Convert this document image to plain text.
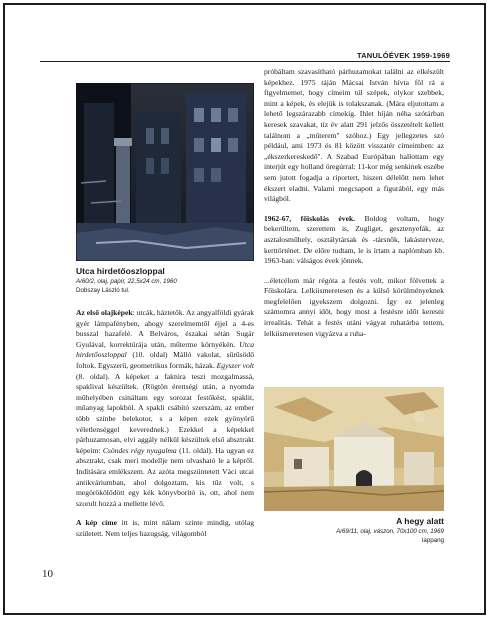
TANULÓÉVEK 1959-1969

Utca hirdetőoszloppal

A/60/2, olaj, papír, 22,5x24 cm, 1960

Dobszay László tul.

Az első olajképek: utcák, háztetők. Az angyalföldi gyárak gyér lámpafényben, ahogy szerelmemtől éjjel a 4-es busszal hazafelé. A Belváros, északai sétán Sugár Gyulával, korrektúrája után, műterme környékén. Utca hirdetőoszloppal (10. oldal) Málló vakolat, sűrűsödő foltok. Egyszerű, geometrikus formák, házak. Egyszer volt (8. oldal). A képeket a faktúra teszi mozgalmassá, spaklival készültek. (Rögtön érettségi után, a nyomda műhelyében csináltam egy sorozat festőkést, spaklit, műanyag lapokból. A spakli csábító szerszám, az ember több színbe belekotor, s a képen ezek gyönyörű véletlenséggel keverednek.) Ezekkel a képekkel párhuzamosan, elvi aggály nélkül készültek első absztrakt képeim: Csöndes régy nyugalma (11. oldal). Ha ugyan ez absztrakt, csak meri modellje nem olvasható le a képről. Indítására emlékszem. Az azóta megszüntetett Váci utcai antikváriumban, ahol dolgoztam, kis tűz volt, s megörökölődött egy kék könyvborító is, ott, ahol nem szorult hozzá a mellette lévő.

A kép címe itt is, mint nálam szinte mindig, utólag született. Nem teljes hazugság, világomból

próbáltam szavasítható párhuzamokat találni az elkészült képekhez. 1975 táján Mácsai István hívta föl rá a figyelmemet, hogy címeim túl szépek, olykor szebbek, mint a képek, és elejük is tolakszanak. (Mára eljutottam a lehető legszárazabb címekig. Ihlet híján néha szótárban keresek szavakat, tíz év alatt 291 jelzős összetételt kellett találnom a „műterem" szóhoz.) Egy jellegzetes szó például, ami 1973 és 81 között visszatér címeimben: az „ékszerkereskedő". A Szabad Európában hallottam egy interjút egy holland öregúrral: 11-kor még senkinek eszébe sem jutott fogadja a riportert, hiszen délelőtt nem lehet ékszert eladni. Valami megcsapott a figurából, egy más világból.

1962-67, főiskolás évek. Boldog voltam, hogy bekerültem, szerettem is, Zugliget, gesztenyefák, az asztalosműhely, osztálytársak és -társnők, lakásterveze, kerttörténet. De előre tudtam, le is írtam a naplómban kb. 1963-ban: válságos évek jönnek.

...életcélom már régóta a festés volt, mikor fölvettek a Főiskolára. Lelkiismeretesen és a külső körülményeknek megfelelően igyekszem dolgozni. Így ez jelenleg számomra annyi időt, hogy most a festésre időt keresni irrealitás. Tehát a festés utáni vágyat ruhatárba tettem, lelkiismeretesen vigyázva a ruha-

A hegy alatt

A/69/11, olaj, vászon, 70x100 cm, 1969

lappang

10
